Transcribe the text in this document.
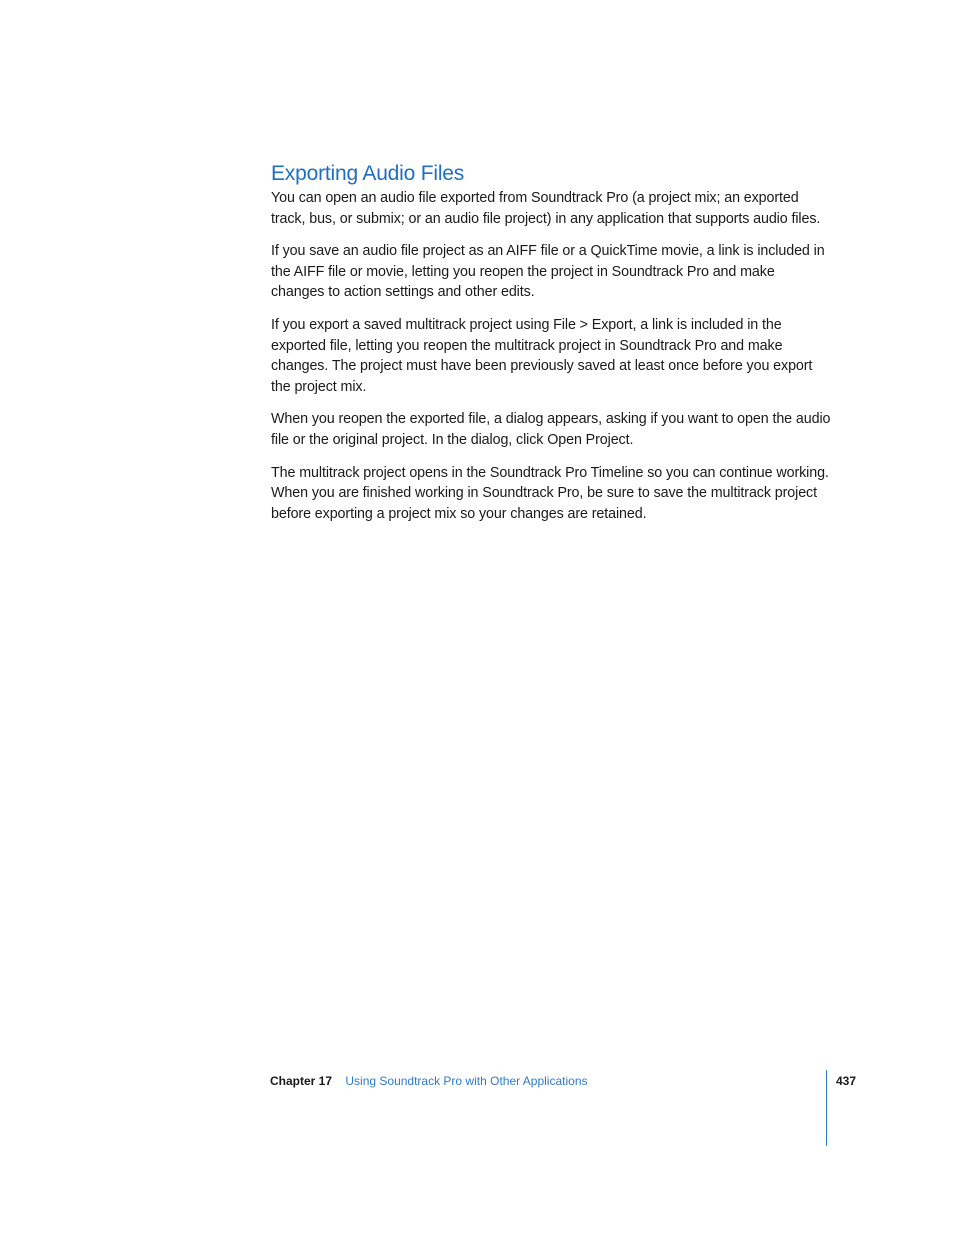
Exporting Audio Files

You can open an audio file exported from Soundtrack Pro (a project mix; an exported track, bus, or submix; or an audio file project) in any application that supports audio files.

If you save an audio file project as an AIFF file or a QuickTime movie, a link is included in the AIFF file or movie, letting you reopen the project in Soundtrack Pro and make changes to action settings and other edits.

If you export a saved multitrack project using File > Export, a link is included in the exported file, letting you reopen the multitrack project in Soundtrack Pro and make changes. The project must have been previously saved at least once before you export the project mix.

When you reopen the exported file, a dialog appears, asking if you want to open the audio file or the original project. In the dialog, click Open Project.

The multitrack project opens in the Soundtrack Pro Timeline so you can continue working. When you are finished working in Soundtrack Pro, be sure to save the multitrack project before exporting a project mix so your changes are retained.

Chapter 17 Using Soundtrack Pro with Other Applications	437
